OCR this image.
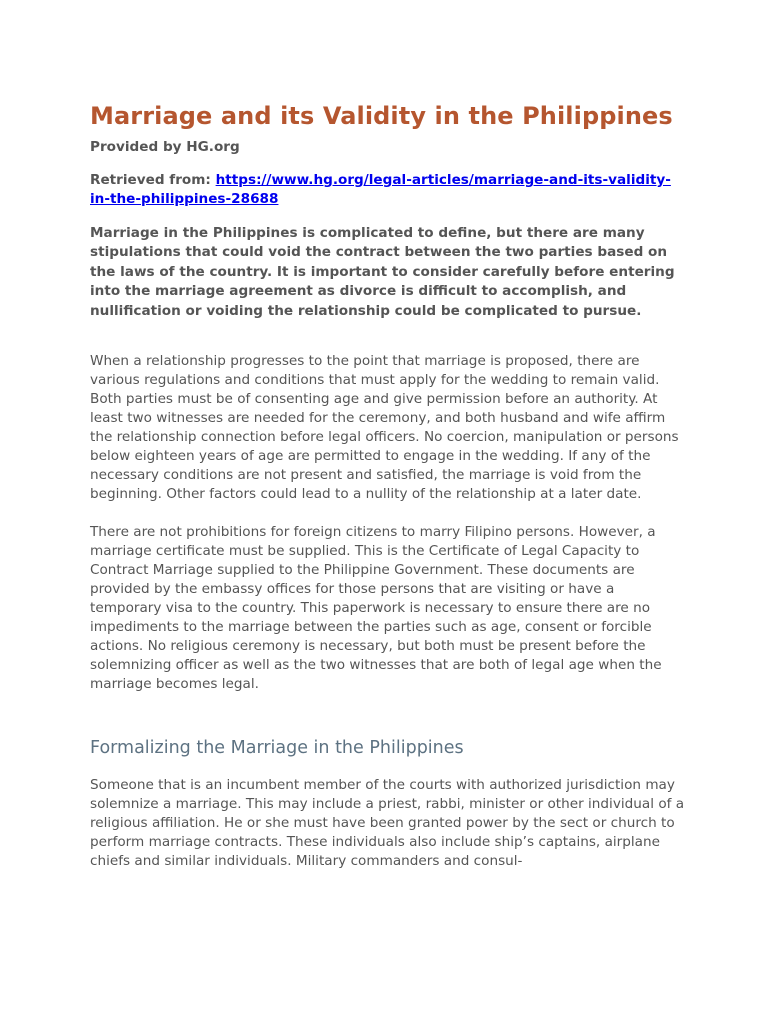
Marriage and its Validity in the Philippines

Provided by HG.org

Retrieved from: https://www.hg.org/legal-articles/marriage-and-its-validity-in-the-philippines-28688

Marriage in the Philippines is complicated to define, but there are many stipulations that could void the contract between the two parties based on the laws of the country. It is important to consider carefully before entering into the marriage agreement as divorce is difficult to accomplish, and nullification or voiding the relationship could be complicated to pursue.

When a relationship progresses to the point that marriage is proposed, there are various regulations and conditions that must apply for the wedding to remain valid. Both parties must be of consenting age and give permission before an authority. At least two witnesses are needed for the ceremony, and both husband and wife affirm the relationship connection before legal officers. No coercion, manipulation or persons below eighteen years of age are permitted to engage in the wedding. If any of the necessary conditions are not present and satisfied, the marriage is void from the beginning. Other factors could lead to a nullity of the relationship at a later date.

There are not prohibitions for foreign citizens to marry Filipino persons. However, a marriage certificate must be supplied. This is the Certificate of Legal Capacity to Contract Marriage supplied to the Philippine Government. These documents are provided by the embassy offices for those persons that are visiting or have a temporary visa to the country. This paperwork is necessary to ensure there are no impediments to the marriage between the parties such as age, consent or forcible actions. No religious ceremony is necessary, but both must be present before the solemnizing officer as well as the two witnesses that are both of legal age when the marriage becomes legal.

Formalizing the Marriage in the Philippines

Someone that is an incumbent member of the courts with authorized jurisdiction may solemnize a marriage. This may include a priest, rabbi, minister or other individual of a religious affiliation. He or she must have been granted power by the sect or church to perform marriage contracts. These individuals also include ship’s captains, airplane chiefs and similar individuals. Military commanders and consul-
